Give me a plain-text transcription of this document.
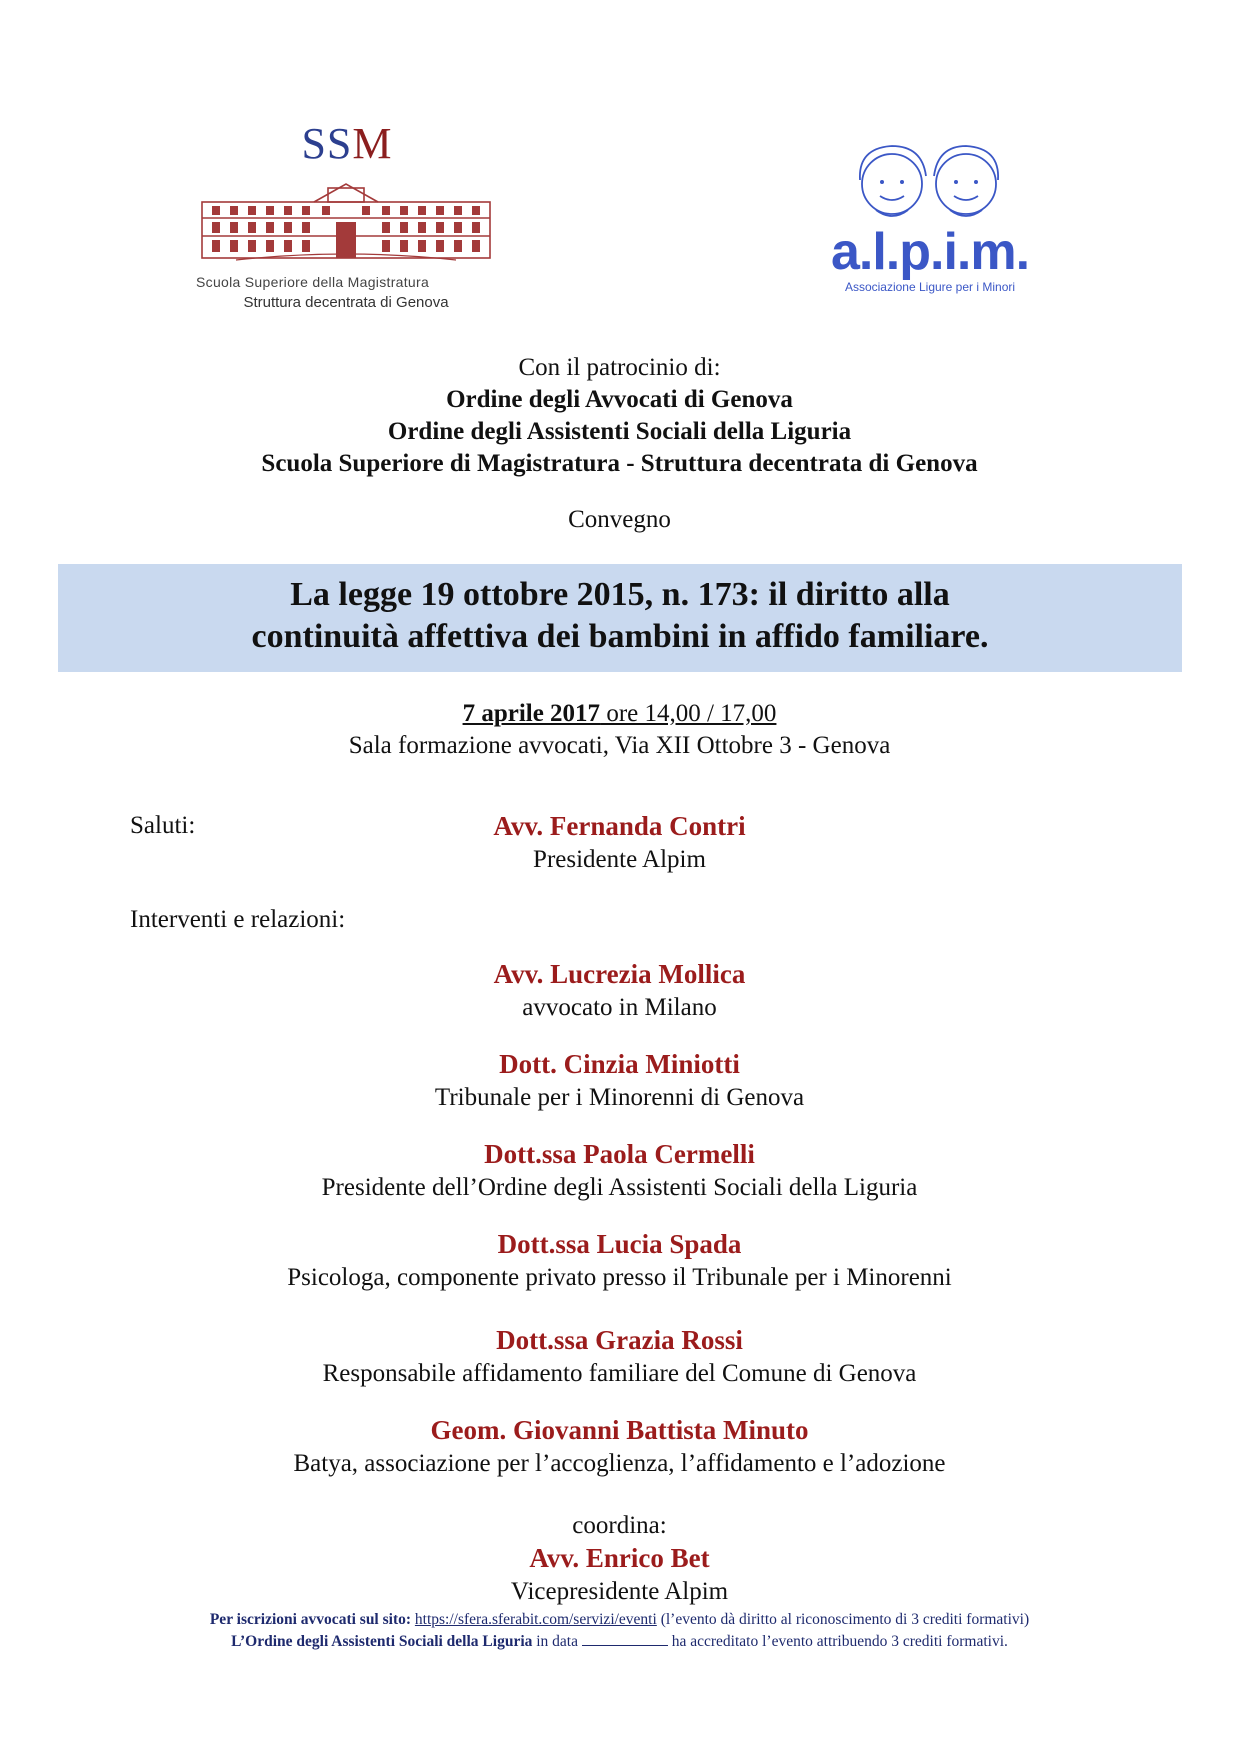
SSM
Scuola Superiore della Magistratura
Struttura decentrata di Genova
a.l.p.i.m.
Associazione Ligure per i Minori
Con il patrocinio di:
Ordine degli Avvocati di Genova
Ordine degli Assistenti Sociali della Liguria
Scuola Superiore di Magistratura - Struttura decentrata di Genova
Convegno
La legge 19 ottobre 2015, n. 173: il diritto alla
continuità affettiva dei bambini in affido familiare.
7 aprile 2017 ore 14,00 / 17,00
Sala formazione avvocati, Via XII Ottobre 3 - Genova
Saluti:	Avv. Fernanda Contri
Presidente Alpim
Interventi e relazioni:
Avv. Lucrezia Mollica
avvocato in Milano
Dott. Cinzia Miniotti
Tribunale per i Minorenni di Genova
Dott.ssa Paola Cermelli
Presidente dell’Ordine degli Assistenti Sociali della Liguria
Dott.ssa Lucia Spada
Psicologa, componente privato presso il Tribunale per i Minorenni
Dott.ssa Grazia Rossi
Responsabile affidamento familiare del Comune di Genova
Geom. Giovanni Battista Minuto
Batya, associazione per l’accoglienza, l’affidamento e l’adozione
coordina:
Avv. Enrico Bet
Vicepresidente Alpim
Per iscrizioni avvocati sul sito: https://sfera.sferabit.com/servizi/eventi (l’evento dà diritto al riconoscimento di 3 crediti formativi)
L’Ordine degli Assistenti Sociali della Liguria in data	ha accreditato l’evento attribuendo 3 crediti formativi.
